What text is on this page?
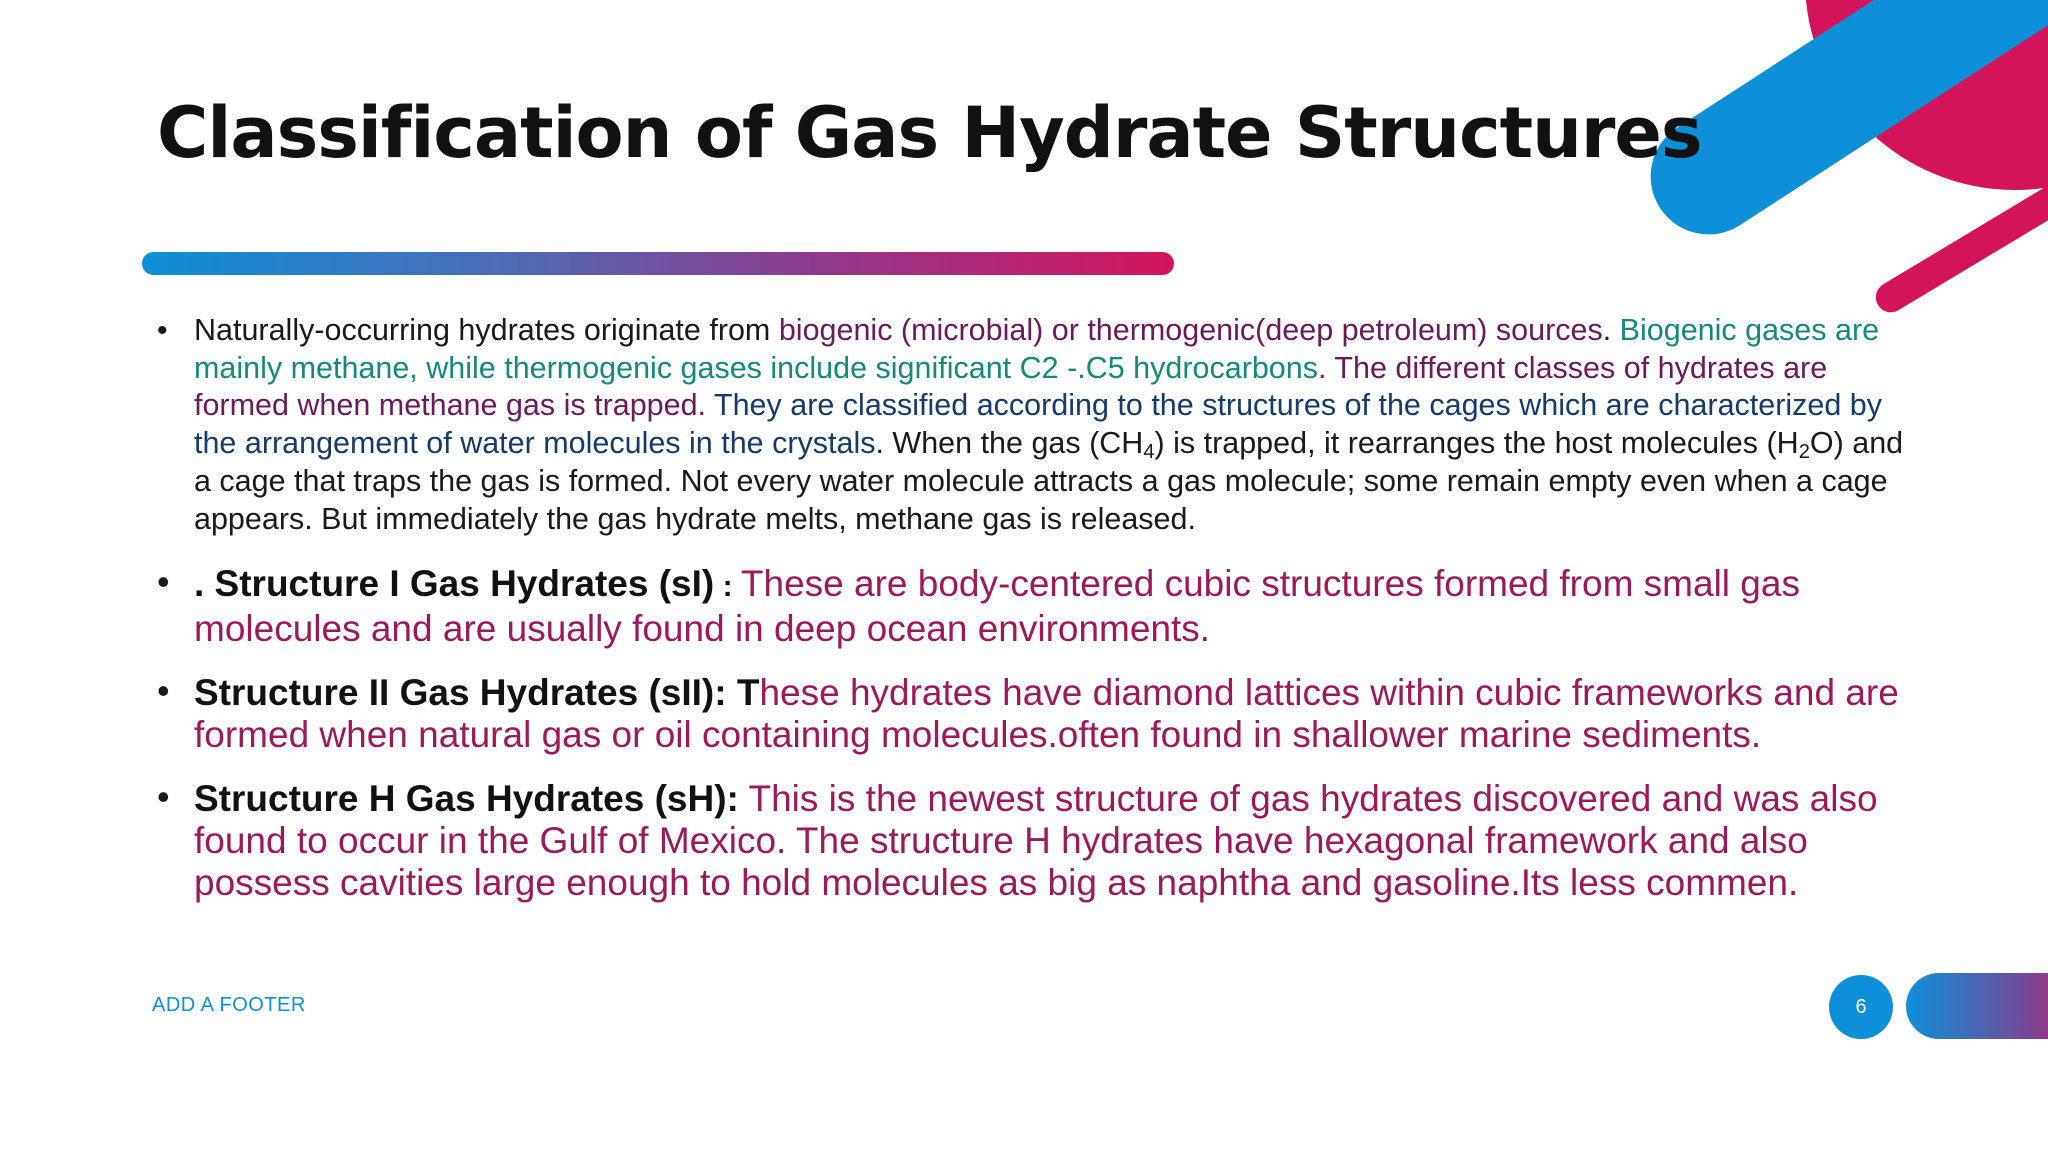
Classification of Gas Hydrate Structures
• Naturally-occurring hydrates originate from biogenic (microbial) or thermogenic(deep petroleum) sources. Biogenic gases are mainly methane, while thermogenic gases include significant C2 -.C5 hydrocarbons. The different classes of hydrates are formed when methane gas is trapped. They are classified according to the structures of the cages which are characterized by the arrangement of water molecules in the crystals. When the gas $(CH_4)$ is trapped, it rearranges the host molecules $(H_2O)$ and a cage that traps the gas is formed. Not every water molecule attracts a gas molecule; some remain empty even when a cage appears. But immediately the gas hydrate melts, methane gas is released.
• . Structure I Gas Hydrates (sI) : These are body-centered cubic structures formed from small gas molecules and are usually found in deep ocean environments.
• Structure II Gas Hydrates (sII): These hydrates have diamond lattices within cubic frameworks and are formed when natural gas or oil containing molecules.often found in shallower marine sediments.
• Structure H Gas Hydrates (sH): This is the newest structure of gas hydrates discovered and was also found to occur in the Gulf of Mexico. The structure H hydrates have hexagonal framework and also possess cavities large enough to hold molecules as big as naphtha and gasoline.Its less commen.
ADD A FOOTER	6
